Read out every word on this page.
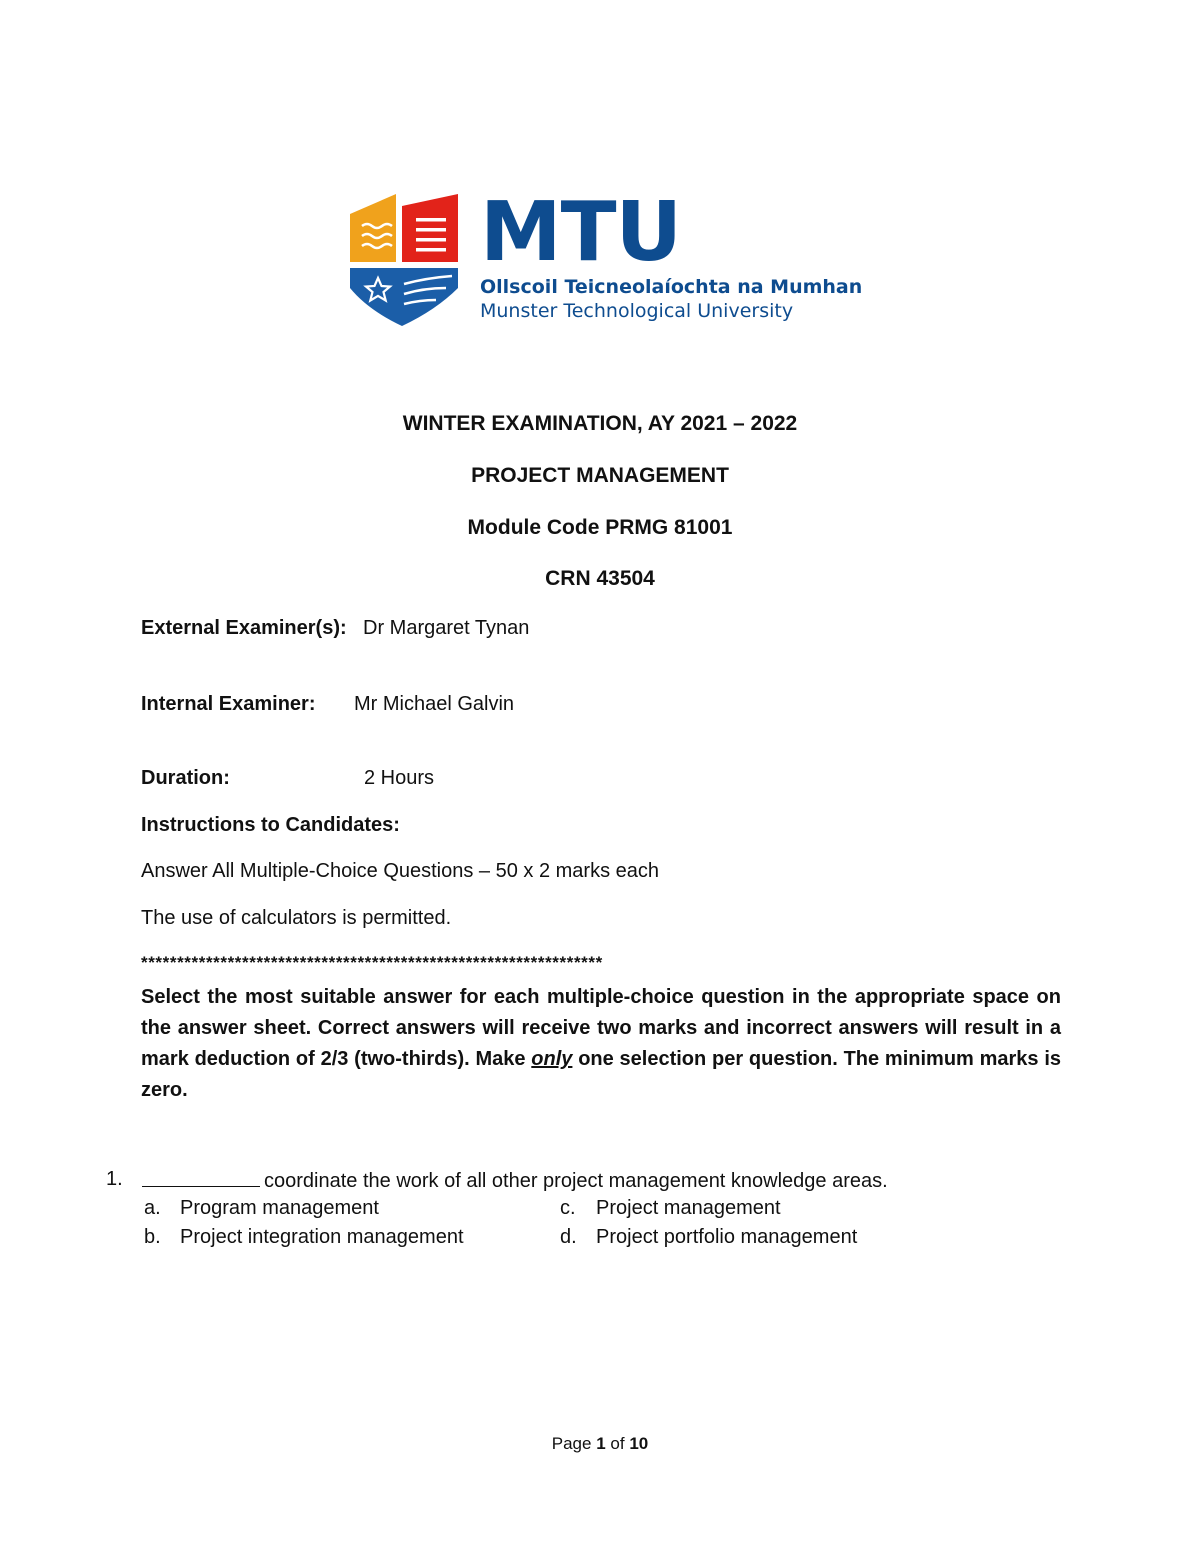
MTU
Ollscoil Teicneolaíochta na Mumhan
Munster Technological University
WINTER EXAMINATION, AY 2021 – 2022
PROJECT MANAGEMENT
Module Code PRMG 81001
CRN 43504
External Examiner(s): Dr Margaret Tynan
Internal Examiner: Mr Michael Galvin
Duration:	2 Hours
Instructions to Candidates:
Answer All Multiple-Choice Questions – 50 x 2 marks each
The use of calculators is permitted.
****************************************************************
Select the most suitable answer for each multiple-choice question in the appropriate space on the answer sheet. Correct answers will receive two marks and incorrect answers will result in a mark deduction of 2/3 (two-thirds). Make only one selection per question. The minimum marks is zero.
1.	coordinate the work of all other project management knowledge areas.
a. Program management
b. Project integration management
c. Project management
d. Project portfolio management
Page 1 of 10
